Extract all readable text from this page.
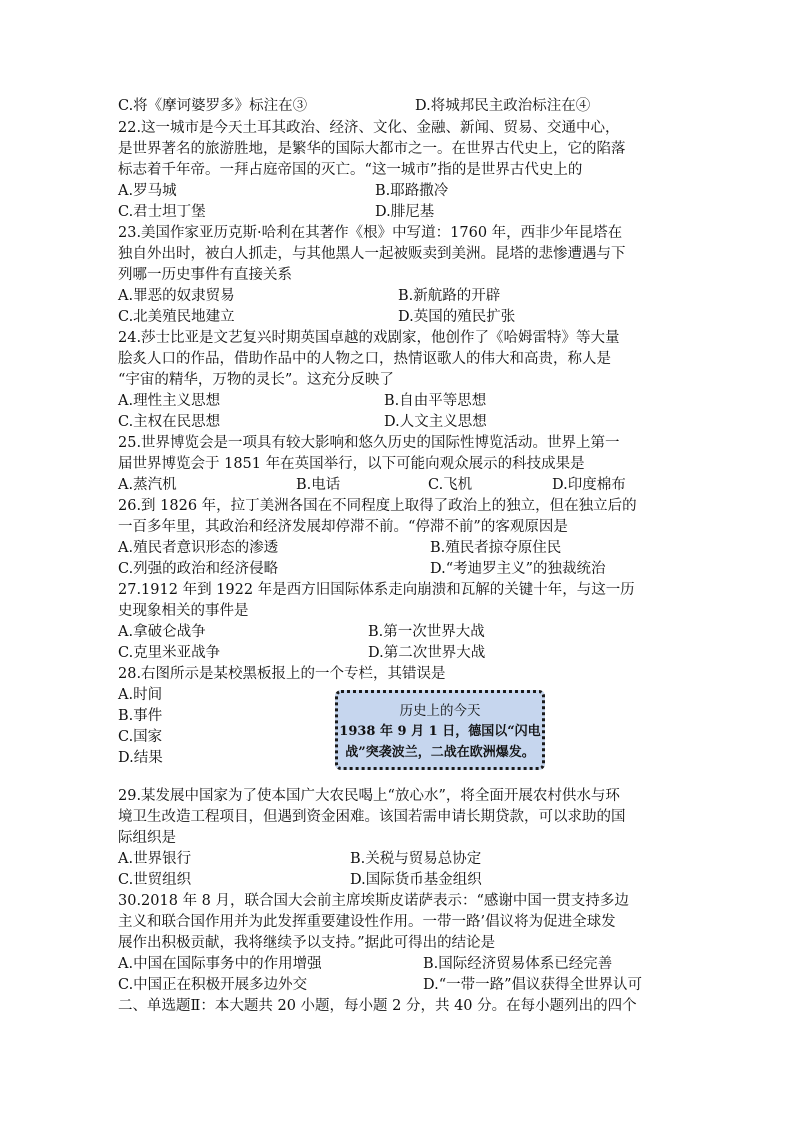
C.将《摩诃婆罗多》标注在③	D.将城邦民主政治标注在④
22.这一城市是今天土耳其政治、经济、文化、金融、新闻、贸易、交通中心，
是世界著名的旅游胜地，是繁华的国际大都市之一。在世界古代史上，它的陷落
标志着千年帝。一拜占庭帝国的灭亡。“这一城市”指的是世界古代史上的
A.罗马城	B.耶路撒冷
C.君士坦丁堡	D.腓尼基
23.美国作家亚历克斯·哈利在其著作《根》中写道：1760 年，西非少年昆塔在
独自外出时，被白人抓走，与其他黑人一起被贩卖到美洲。昆塔的悲惨遭遇与下
列哪一历史事件有直接关系
A.罪恶的奴隶贸易	B.新航路的开辟
C.北美殖民地建立	D.英国的殖民扩张
24.莎士比亚是文艺复兴时期英国卓越的戏剧家，他创作了《哈姆雷特》等大量
脍炙人口的作品，借助作品中的人物之口，热情讴歌人的伟大和高贵，称人是
“宇宙的精华，万物的灵长”。这充分反映了
A.理性主义思想	B.自由平等思想
C.主权在民思想	D.人文主义思想
25.世界博览会是一项具有较大影响和悠久历史的国际性博览活动。世界上第一
届世界博览会于 1851 年在英国举行，以下可能向观众展示的科技成果是
A.蒸汽机	B.电话	C.飞机	D.印度棉布
26.到 1826 年，拉丁美洲各国在不同程度上取得了政治上的独立，但在独立后的
一百多年里，其政治和经济发展却停滞不前。“停滞不前”的客观原因是
A.殖民者意识形态的渗透	B.殖民者掠夺原住民
C.列强的政治和经济侵略	D.“考迪罗主义”的独裁统治
27.1912 年到 1922 年是西方旧国际体系走向崩溃和瓦解的关键十年，与这一历
史现象相关的事件是
A.拿破仑战争	B.第一次世界大战
C.克里米亚战争	D.第二次世界大战
28.右图所示是某校黑板报上的一个专栏，其错误是
A.时间
B.事件
C.国家
D.结果
历史上的今天
1938 年 9 月 1 日，德国以“闪电
战”突袭波兰，二战在欧洲爆发。
29.某发展中国家为了使本国广大农民喝上“放心水”，将全面开展农村供水与环
境卫生改造工程项目，但遇到资金困难。该国若需申请长期贷款，可以求助的国
际组织是
A.世界银行	B.关税与贸易总协定
C.世贸组织	D.国际货币基金组织
30.2018 年 8 月，联合国大会前主席埃斯皮诺萨表示：“感谢中国一贯支持多边
主义和联合国作用并为此发挥重要建设性作用。一带一路’倡议将为促进全球发
展作出积极贡献，我将继续予以支持。”据此可得出的结论是
A.中国在国际事务中的作用增强	B.国际经济贸易体系已经完善
C.中国正在积极开展多边外交	D.“一带一路”倡议获得全世界认可
二、单选题Ⅱ：本大题共 20 小题，每小题 2 分，共 40 分。在每小题列出的四个
